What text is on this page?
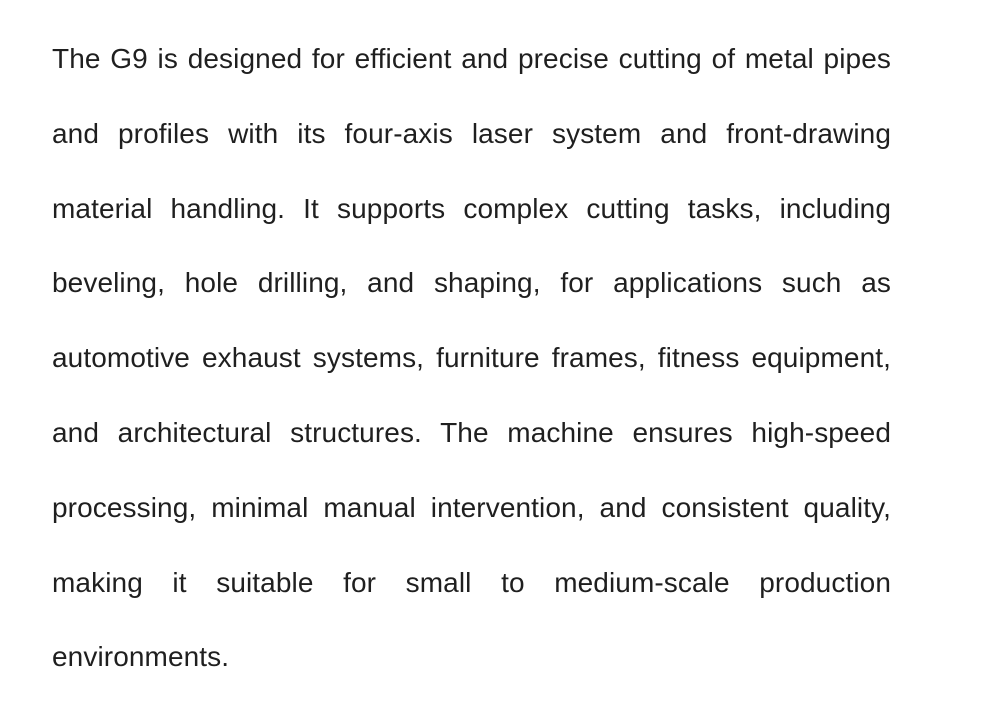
The G9 is designed for efficient and precise cutting of metal pipes
and profiles with its four-axis laser system and front-drawing
material handling. It supports complex cutting tasks, including
beveling, hole drilling, and shaping, for applications such as
automotive exhaust systems, furniture frames, fitness equipment,
and architectural structures. The machine ensures high-speed
processing, minimal manual intervention, and consistent quality,
making it suitable for small to medium-scale production
environments.
